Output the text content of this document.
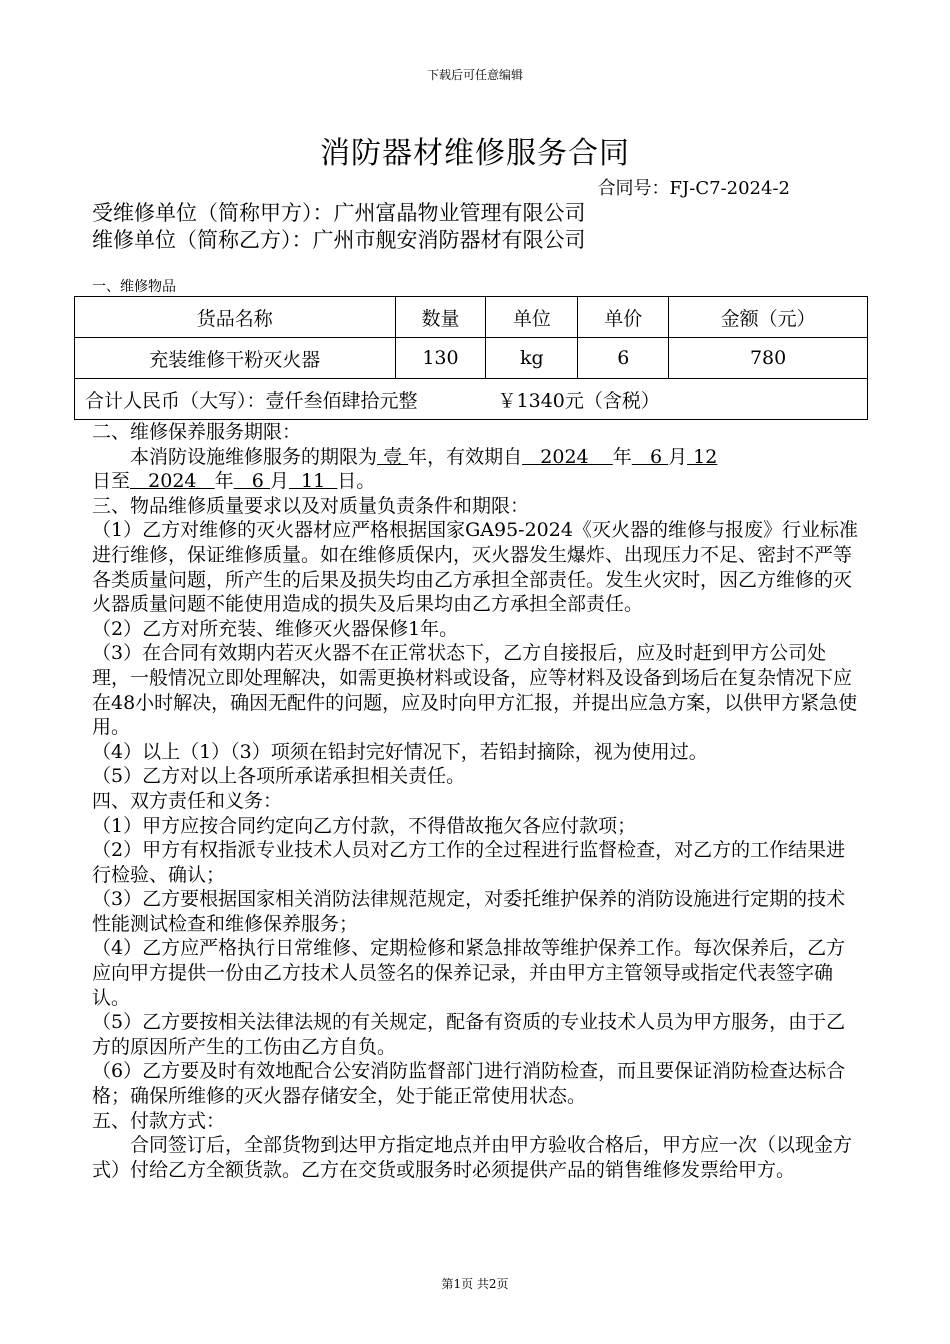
下载后可任意编辑
消防器材维修服务合同
合同号：FJ-C7-2024-2
受维修单位（简称甲方）：广州富晶物业管理有限公司
维修单位（简称乙方）：广州市舰安消防器材有限公司
一、维修物品
货品名称	数量	单位	单价	金额（元）
充装维修干粉灭火器	130	kg	6	780
合计人民币（大写）：壹仟叁佰肆拾元整 ￥1340元（含税）				

二、维修保养服务期限：

本消防设施维修服务的期限为 壹 年，有效期自 2024 年 6 月 12
日至 2024 年 6 月 11 日。

三、物品维修质量要求以及对质量负责条件和期限：

（1）乙方对维修的灭火器材应严格根据国家GA95-2024《灭火器的维修与报废》行业标准进行维修，保证维修质量。如在维修质保内，灭火器发生爆炸、出现压力不足、密封不严等各类质量问题，所产生的后果及损失均由乙方承担全部责任。发生火灾时，因乙方维修的灭火器质量问题不能使用造成的损失及后果均由乙方承担全部责任。

（2）乙方对所充装、维修灭火器保修1年。

（3）在合同有效期内若灭火器不在正常状态下，乙方自接报后，应及时赶到甲方公司处理，一般情况立即处理解决，如需更换材料或设备，应等材料及设备到场后在复杂情况下应在48小时解决，确因无配件的问题，应及时向甲方汇报，并提出应急方案，以供甲方紧急使用。

（4）以上（1）（3）项须在铅封完好情况下，若铅封摘除，视为使用过。

（5）乙方对以上各项所承诺承担相关责任。

四、双方责任和义务：

（1）甲方应按合同约定向乙方付款，不得借故拖欠各应付款项；

（2）甲方有权指派专业技术人员对乙方工作的全过程进行监督检查，对乙方的工作结果进行检验、确认；

（3）乙方要根据国家相关消防法律规范规定，对委托维护保养的消防设施进行定期的技术性能测试检查和维修保养服务；

（4）乙方应严格执行日常维修、定期检修和紧急排故等维护保养工作。每次保养后，乙方应向甲方提供一份由乙方技术人员签名的保养记录，并由甲方主管领导或指定代表签字确认。

（5）乙方要按相关法律法规的有关规定，配备有资质的专业技术人员为甲方服务，由于乙方的原因所产生的工伤由乙方自负。

（6）乙方要及时有效地配合公安消防监督部门进行消防检查，而且要保证消防检查达标合格；确保所维修的灭火器存储安全，处于能正常使用状态。

五、付款方式：

合同签订后，全部货物到达甲方指定地点并由甲方验收合格后，甲方应一次（以现金方式）付给乙方全额货款。乙方在交货或服务时必须提供产品的销售维修发票给甲方。

第1页 共2页
